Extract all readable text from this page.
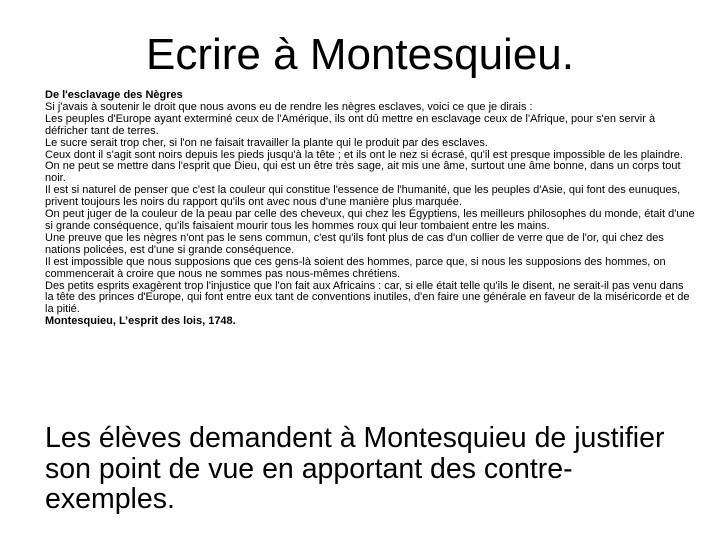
Ecrire à Montesquieu.

De l'esclavage des Nègres

Si j'avais à soutenir le droit que nous avons eu de rendre les nègres esclaves, voici ce que je dirais :

Les peuples d'Europe ayant exterminé ceux de l'Amérique, ils ont dû mettre en esclavage ceux de l'Afrique, pour s'en servir à défricher tant de terres.

Le sucre serait trop cher, si l'on ne faisait travailler la plante qui le produit par des esclaves.

Ceux dont il s'agit sont noirs depuis les pieds jusqu'à la tête ; et ils ont le nez si écrasé, qu'il est presque impossible de les plaindre.

On ne peut se mettre dans l'esprit que Dieu, qui est un être très sage, ait mis une âme, surtout une âme bonne, dans un corps tout noir.

Il est si naturel de penser que c'est la couleur qui constitue l'essence de l'humanité, que les peuples d'Asie, qui font des eunuques, privent toujours les noirs du rapport qu'ils ont avec nous d'une manière plus marquée.

On peut juger de la couleur de la peau par celle des cheveux, qui chez les Égyptiens, les meilleurs philosophes du monde, était d'une si grande conséquence, qu'ils faisaient mourir tous les hommes roux qui leur tombaient entre les mains.

Une preuve que les nègres n'ont pas le sens commun, c'est qu'ils font plus de cas d'un collier de verre que de l'or, qui chez des nations policées, est d'une si grande conséquence.

Il est impossible que nous supposions que ces gens-là soient des hommes, parce que, si nous les supposions des hommes, on commencerait à croire que nous ne sommes pas nous-mêmes chrétiens.

Des petits esprits exagèrent trop l'injustice que l'on fait aux Africains : car, si elle était telle qu'ils le disent, ne serait-il pas venu dans la tête des princes d'Europe, qui font entre eux tant de conventions inutiles, d'en faire une générale en faveur de la miséricorde et de la pitié.

Montesquieu, L’esprit des lois, 1748.

Les élèves demandent à Montesquieu de justifier son point de vue en apportant des contre-exemples.
